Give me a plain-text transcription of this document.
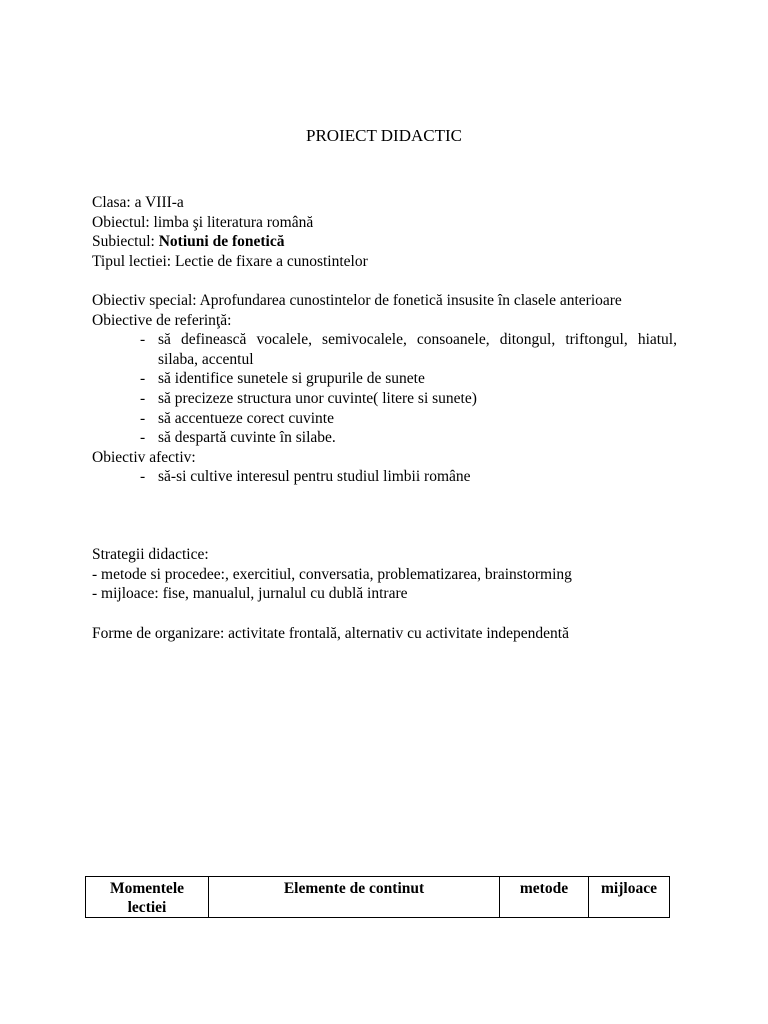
PROIECT DIDACTIC
Clasa: a VIII-a
Obiectul: limba şi literatura română
Subiectul: Notiuni de fonetică
Tipul lectiei: Lectie de fixare a cunostintelor
Obiectiv special: Aprofundarea cunostintelor de fonetică insusite în clasele anterioare
Obiective de referinţă:
- să definească vocalele, semivocalele, consoanele, ditongul, triftongul, hiatul, silaba, accentul
- să identifice sunetele si grupurile de sunete
- să precizeze structura unor cuvinte( litere si sunete)
- să accentueze corect cuvinte
- să despartă cuvinte în silabe.
Obiectiv afectiv:
- să-si cultive interesul pentru studiul limbii române
Strategii didactice:
- metode si procedee:, exercitiul, conversatia, problematizarea, brainstorming
- mijloace: fise, manualul, jurnalul cu dublă intrare
Forme de organizare: activitate frontală, alternativ cu activitate independentă
Momentele lectiei	Elemente de continut	metode	mijloace
